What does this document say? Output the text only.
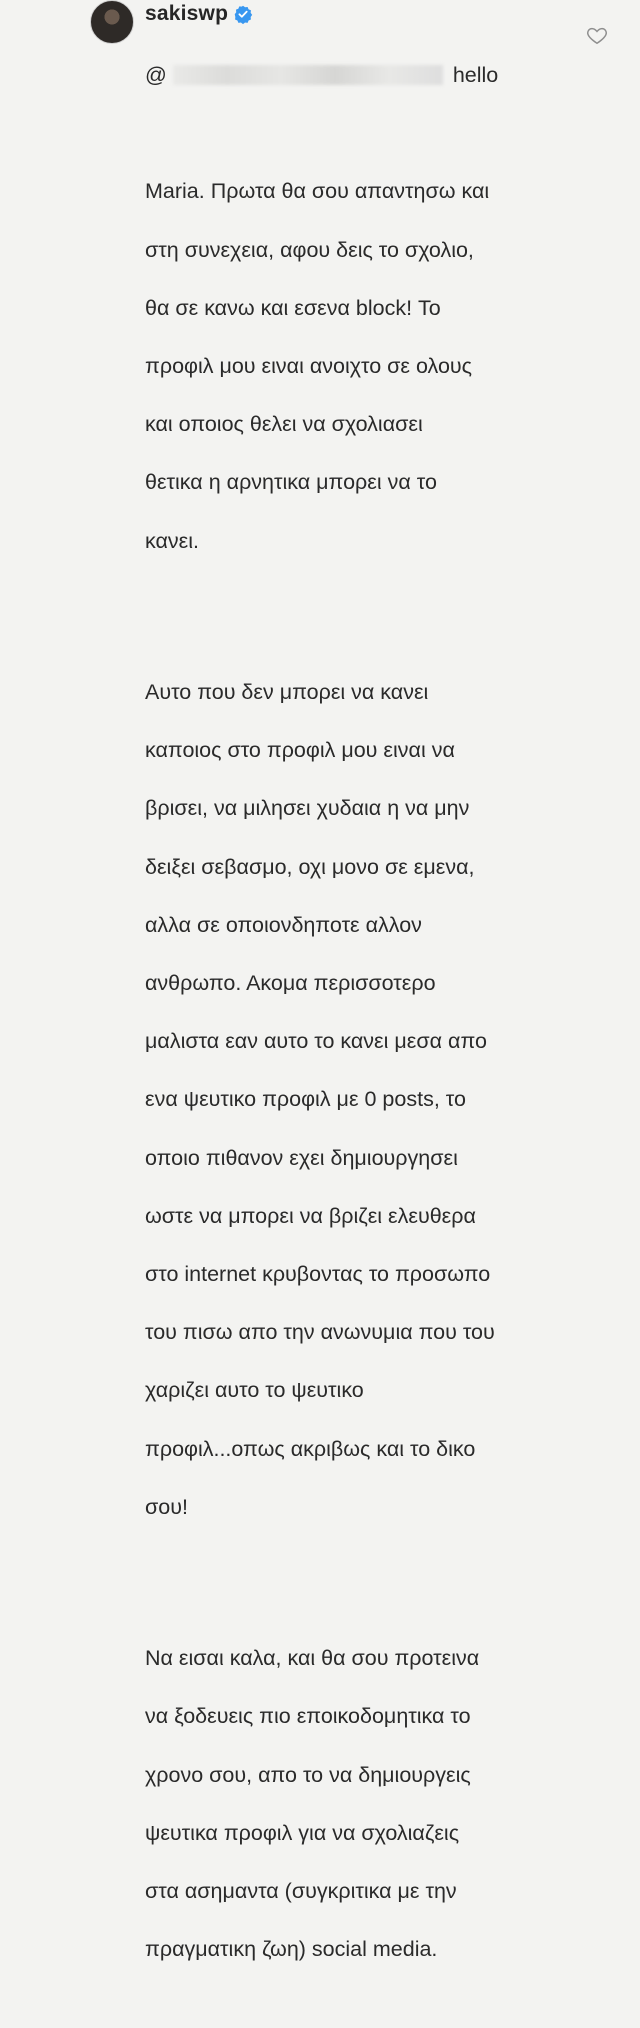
sakiswp

@	hello

Maria. Πρωτα θα σου απαντησω και

στη συνεχεια, αφου δεις το σχολιο,

θα σε κανω και εσενα block! Το

προφιλ μου ειναι ανοιχτο σε ολους

και οποιος θελει να σχολιασει

θετικα η αρνητικα μπορει να το

κανει.

Αυτο που δεν μπορει να κανει

καποιος στο προφιλ μου ειναι να

βρισει, να μιλησει χυδαια η να μην

δειξει σεβασμο, οχι μονο σε εμενα,

αλλα σε οποιονδηποτε αλλον

ανθρωπο. Ακομα περισσοτερο

μαλιστα εαν αυτο το κανει μεσα απο

ενα ψευτικο προφιλ με 0 posts, το

οποιο πιθανον εχει δημιουργησει

ωστε να μπορει να βριζει ελευθερα

στο internet κρυβοντας το προσωπο

του πισω απο την ανωνυμια που του

χαριζει αυτο το ψευτικο

προφιλ...οπως ακριβως και το δικο

σου!

Να εισαι καλα, και θα σου προτεινα

να ξοδευεις πιο εποικοδομητικα το

χρονο σου, απο το να δημιουργεις

ψευτικα προφιλ για να σχολιαζεις

στα ασημαντα (συγκριτικα με την

πραγματικη ζωη) social media.
